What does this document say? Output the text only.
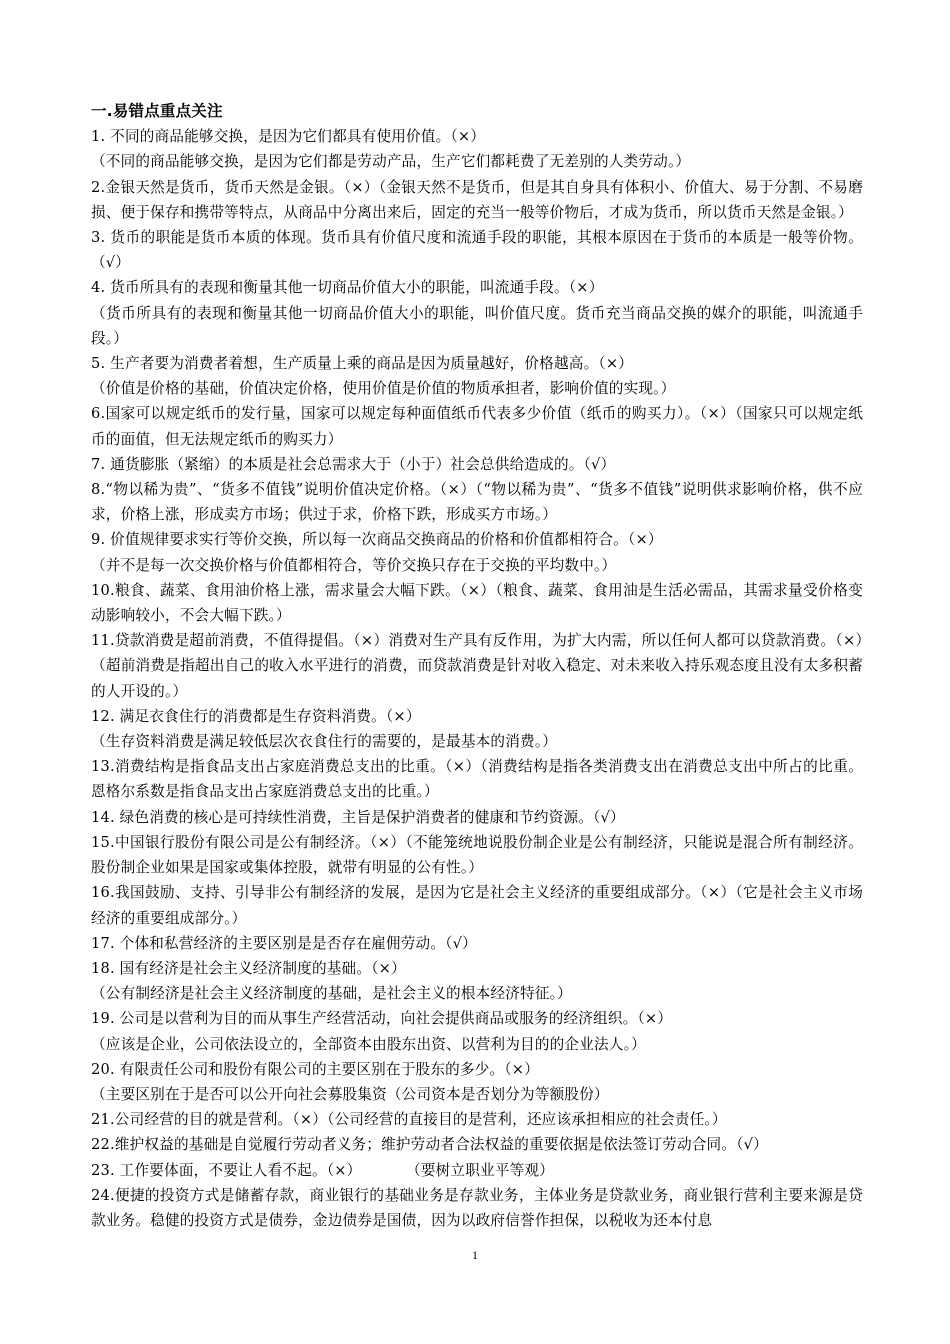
一.易错点重点关注

1. 不同的商品能够交换，是因为它们都具有使用价值。（×）

（不同的商品能够交换，是因为它们都是劳动产品，生产它们都耗费了无差别的人类劳动。）

2.金银天然是货币，货币天然是金银。（×）（金银天然不是货币，但是其自身具有体积小、价值大、易于分割、不易磨损、便于保存和携带等特点，从商品中分离出来后，固定的充当一般等价物后，才成为货币，所以货币天然是金银。）

3. 货币的职能是货币本质的体现。货币具有价值尺度和流通手段的职能，其根本原因在于货币的本质是一般等价物。（√）

4. 货币所具有的表现和衡量其他一切商品价值大小的职能，叫流通手段。（×）

（货币所具有的表现和衡量其他一切商品价值大小的职能，叫价值尺度。货币充当商品交换的媒介的职能，叫流通手段。）

5. 生产者要为消费者着想，生产质量上乘的商品是因为质量越好，价格越高。（×）

（价值是价格的基础，价值决定价格，使用价值是价值的物质承担者，影响价值的实现。）

6.国家可以规定纸币的发行量，国家可以规定每种面值纸币代表多少价值（纸币的购买力）。（×）（国家只可以规定纸币的面值，但无法规定纸币的购买力）

7. 通货膨胀（紧缩）的本质是社会总需求大于（小于）社会总供给造成的。（√）

8.“物以稀为贵”、“货多不值钱”说明价值决定价格。（×）（“物以稀为贵”、“货多不值钱”说明供求影响价格，供不应求，价格上涨，形成卖方市场；供过于求，价格下跌，形成买方市场。）

9. 价值规律要求实行等价交换，所以每一次商品交换商品的价格和价值都相符合。（×）

（并不是每一次交换价格与价值都相符合，等价交换只存在于交换的平均数中。）

10.粮食、蔬菜、食用油价格上涨，需求量会大幅下跌。（×）（粮食、蔬菜、食用油是生活必需品，其需求量受价格变动影响较小，不会大幅下跌。）

11.贷款消费是超前消费，不值得提倡。（×）消费对生产具有反作用，为扩大内需，所以任何人都可以贷款消费。（×）（超前消费是指超出自己的收入水平进行的消费，而贷款消费是针对收入稳定、对未来收入持乐观态度且没有太多积蓄的人开设的。）

12. 满足衣食住行的消费都是生存资料消费。（×）

（生存资料消费是满足较低层次衣食住行的需要的，是最基本的消费。）

13.消费结构是指食品支出占家庭消费总支出的比重。（×）（消费结构是指各类消费支出在消费总支出中所占的比重。恩格尔系数是指食品支出占家庭消费总支出的比重。）

14. 绿色消费的核心是可持续性消费，主旨是保护消费者的健康和节约资源。（√）

15.中国银行股份有限公司是公有制经济。（×）（不能笼统地说股份制企业是公有制经济，只能说是混合所有制经济。股份制企业如果是国家或集体控股，就带有明显的公有性。）

16.我国鼓励、支持、引导非公有制经济的发展，是因为它是社会主义经济的重要组成部分。（×）（它是社会主义市场经济的重要组成部分。）

17. 个体和私营经济的主要区别是是否存在雇佣劳动。（√）

18. 国有经济是社会主义经济制度的基础。（×）

（公有制经济是社会主义经济制度的基础，是社会主义的根本经济特征。）

19. 公司是以营利为目的而从事生产经营活动，向社会提供商品或服务的经济组织。（×）

（应该是企业，公司依法设立的，全部资本由股东出资、以营利为目的的企业法人。）

20. 有限责任公司和股份有限公司的主要区别在于股东的多少。（×）

（主要区别在于是否可以公开向社会募股集资（公司资本是否划分为等额股份）

21.公司经营的目的就是营利。（×）（公司经营的直接目的是营利，还应该承担相应的社会责任。）

22.维护权益的基础是自觉履行劳动者义务；维护劳动者合法权益的重要依据是依法签订劳动合同。（√）

23. 工作要体面，不要让人看不起。（×）　　　　（要树立职业平等观）

24.便捷的投资方式是储蓄存款，商业银行的基础业务是存款业务，主体业务是贷款业务，商业银行营利主要来源是贷款业务。稳健的投资方式是债券，金边债券是国债，因为以政府信誉作担保，以税收为还本付息

1
